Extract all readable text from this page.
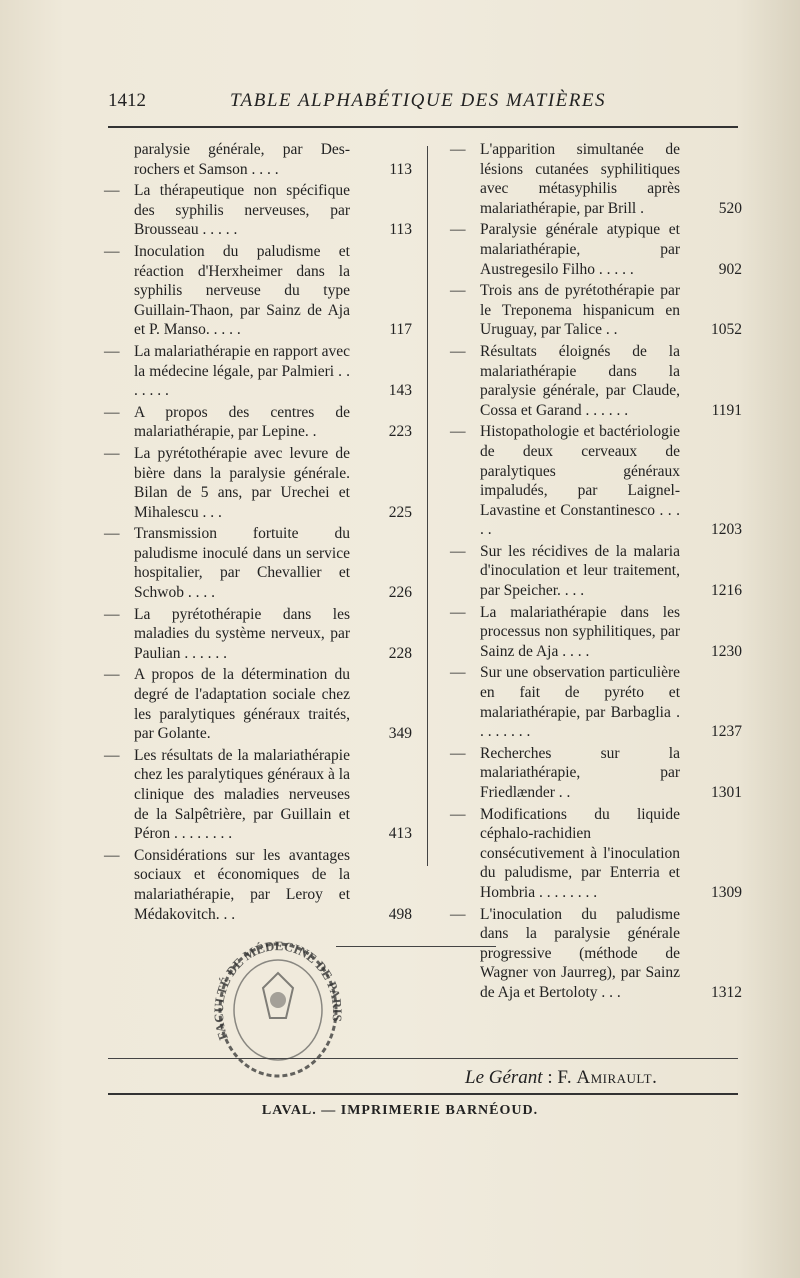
1412	TABLE ALPHABÉTIQUE DES MATIÈRES
paralysie générale, par Des-rochers et Samson . . . .	113
— La thérapeutique non spécifique des syphilis nerveuses, par Brousseau . . . . .	113
— Inoculation du paludisme et réaction d'Herxheimer dans la syphilis nerveuse du type Guillain-Thaon, par Sainz de Aja et P. Manso. . . . .	117
— La malariathérapie en rapport avec la médecine légale, par Palmieri . . . . . . .	143
— A propos des centres de malariathérapie, par Lepine. .	223
— La pyrétothérapie avec levure de bière dans la paralysie générale. Bilan de 5 ans, par Urechei et Mihalescu . . .	225
— Transmission fortuite du paludisme inoculé dans un service hospitalier, par Chevallier et Schwob . . . .	226
— La pyrétothérapie dans les maladies du système nerveux, par Paulian . . . . . .	228
— A propos de la détermination du degré de l'adaptation sociale chez les paralytiques généraux traités, par Golante.	349
— Les résultats de la malariathérapie chez les paralytiques généraux à la clinique des maladies nerveuses de la Salpêtrière, par Guillain et Péron . . . . . . . .	413
— Considérations sur les avantages sociaux et économiques de la malariathérapie, par Leroy et Médakovitch. . .	498
— L'apparition simultanée de lésions cutanées syphilitiques avec métasyphilis après malariathérapie, par Brill .	520
— Paralysie générale atypique et malariathérapie, par Austregesilo Filho . . . . .	902
— Trois ans de pyrétothérapie par le Treponema hispanicum en Uruguay, par Talice . .	1052
— Résultats éloignés de la malariathérapie dans la paralysie générale, par Claude, Cossa et Garand . . . . . .	1191
— Histopathologie et bactériologie de deux cerveaux de paralytiques généraux impaludés, par Laignel-Lavastine et Constantinesco . . . . .	1203
— Sur les récidives de la malaria d'inoculation et leur traitement, par Speicher. . . .	1216
— La malariathérapie dans les processus non syphilitiques, par Sainz de Aja . . . .	1230
— Sur une observation particulière en fait de pyréto et malariathérapie, par Barbaglia . . . . . . . .	1237
— Recherches sur la malariathérapie, par Friedlænder . .	1301
— Modifications du liquide céphalo-rachidien consécutivement à l'inoculation du paludisme, par Enterria et Hombria . . . . . . . .	1309
— L'inoculation du paludisme dans la paralysie générale progressive (méthode de Wagner von Jaurreg), par Sainz de Aja et Bertoloty . . .	1312
FACULTÉ DE MÉDECINE DE PARIS
Le Gérant : F. Amirault.
LAVAL. — IMPRIMERIE BARNÉOUD.
